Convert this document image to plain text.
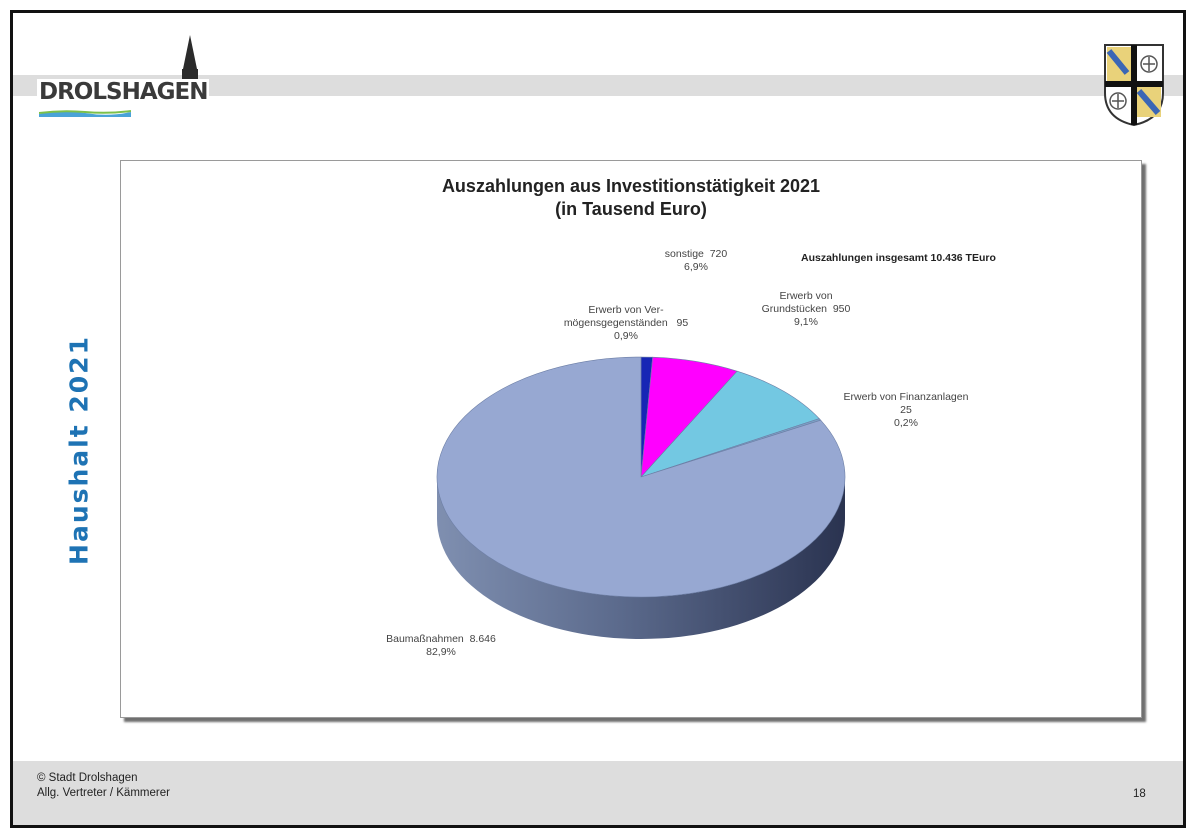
DROLSHAGEN
Haushalt 2021
Auszahlungen aus Investitionstätigkeit 2021
(in Tausend Euro)
Auszahlungen insgesamt 10.436 TEuro
Erwerb von Ver-
mögensgegenständen   95
0,9%
sonstige  720
6,9%
Erwerb von
Grundstücken  950
9,1%
Erwerb von Finanzanlagen
25
0,2%
Baumaßnahmen  8.646
82,9%
© Stadt Drolshagen
Allg. Vertreter / Kämmerer	18
